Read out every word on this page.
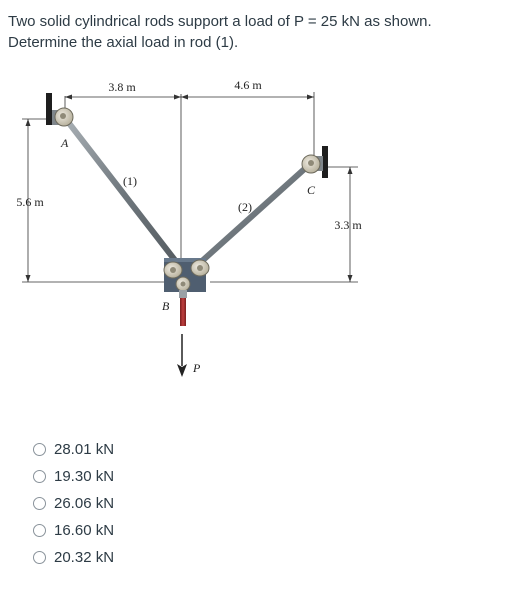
Two solid cylindrical rods support a load of P = 25 kN as shown.

Determine the axial load in rod (1).

3.8 m	4.6 m
5.6 m
3.3 m
A
C
B
(1)
(2)
P
28.01 kN
19.30 kN
26.06 kN
16.60 kN
20.32 kN
